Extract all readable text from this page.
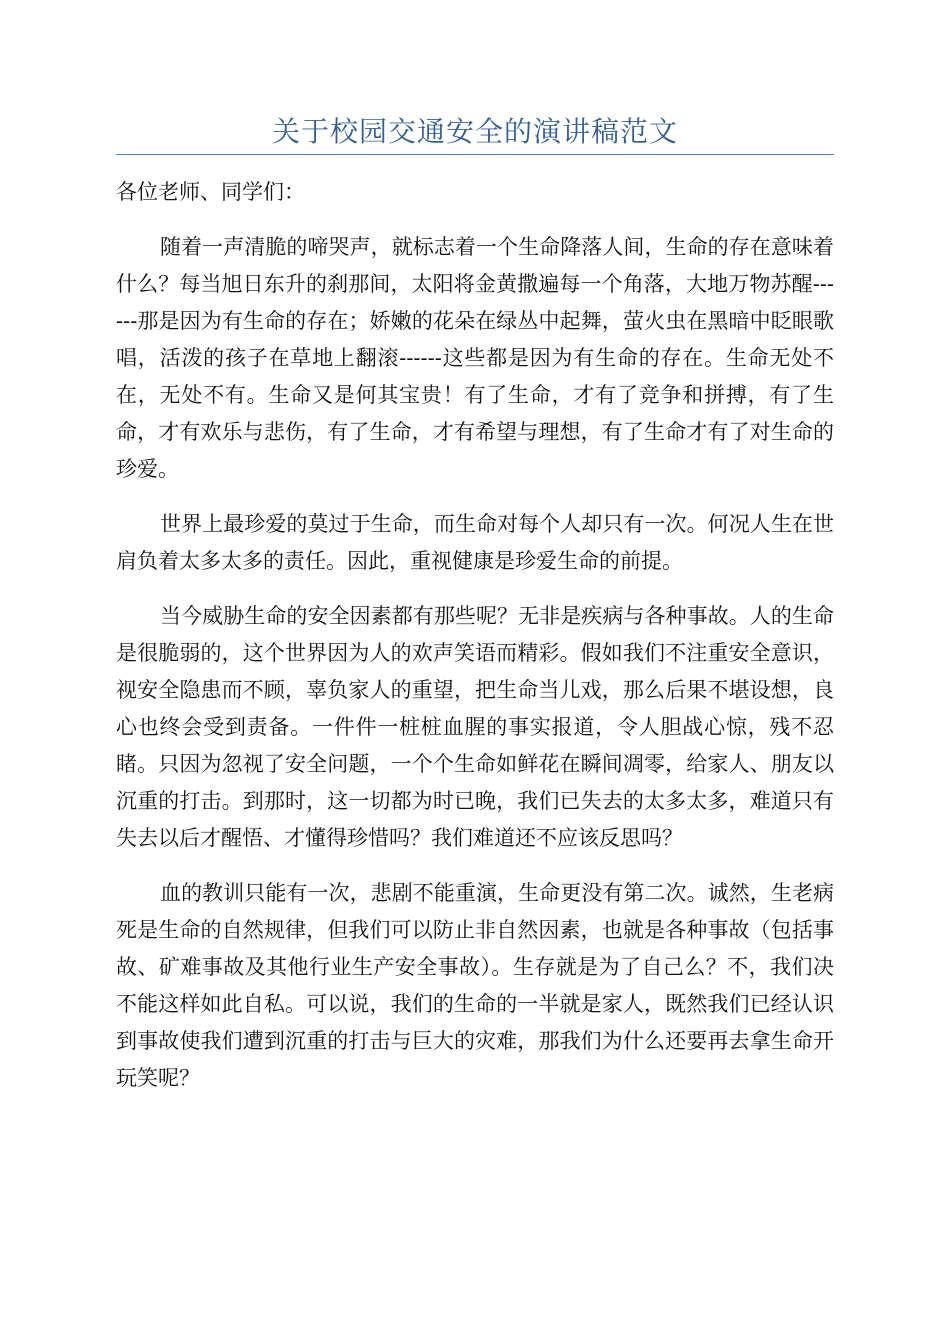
关于校园交通安全的演讲稿范文

各位老师、同学们：

随着一声清脆的啼哭声，就标志着一个生命降落人间，生命的存在意味着什么？每当旭日东升的刹那间，太阳将金黄撒遍每一个角落，大地万物苏醒------那是因为有生命的存在；娇嫩的花朵在绿丛中起舞，萤火虫在黑暗中眨眼歌唱，活泼的孩子在草地上翻滚------这些都是因为有生命的存在。生命无处不在，无处不有。生命又是何其宝贵！有了生命，才有了竞争和拼搏，有了生命，才有欢乐与悲伤，有了生命，才有希望与理想，有了生命才有了对生命的珍爱。

世界上最珍爱的莫过于生命，而生命对每个人却只有一次。何况人生在世肩负着太多太多的责任。因此，重视健康是珍爱生命的前提。

当今威胁生命的安全因素都有那些呢？无非是疾病与各种事故。人的生命是很脆弱的，这个世界因为人的欢声笑语而精彩。假如我们不注重安全意识，视安全隐患而不顾，辜负家人的重望，把生命当儿戏，那么后果不堪设想，良心也终会受到责备。一件件一桩桩血腥的事实报道，令人胆战心惊，残不忍睹。只因为忽视了安全问题，一个个生命如鲜花在瞬间凋零，给家人、朋友以沉重的打击。到那时，这一切都为时已晚，我们已失去的太多太多，难道只有失去以后才醒悟、才懂得珍惜吗？我们难道还不应该反思吗？

血的教训只能有一次，悲剧不能重演，生命更没有第二次。诚然，生老病死是生命的自然规律，但我们可以防止非自然因素，也就是各种事故（包括事故、矿难事故及其他行业生产安全事故）。生存就是为了自己么？不，我们决不能这样如此自私。可以说，我们的生命的一半就是家人，既然我们已经认识到事故使我们遭到沉重的打击与巨大的灾难，那我们为什么还要再去拿生命开玩笑呢？
